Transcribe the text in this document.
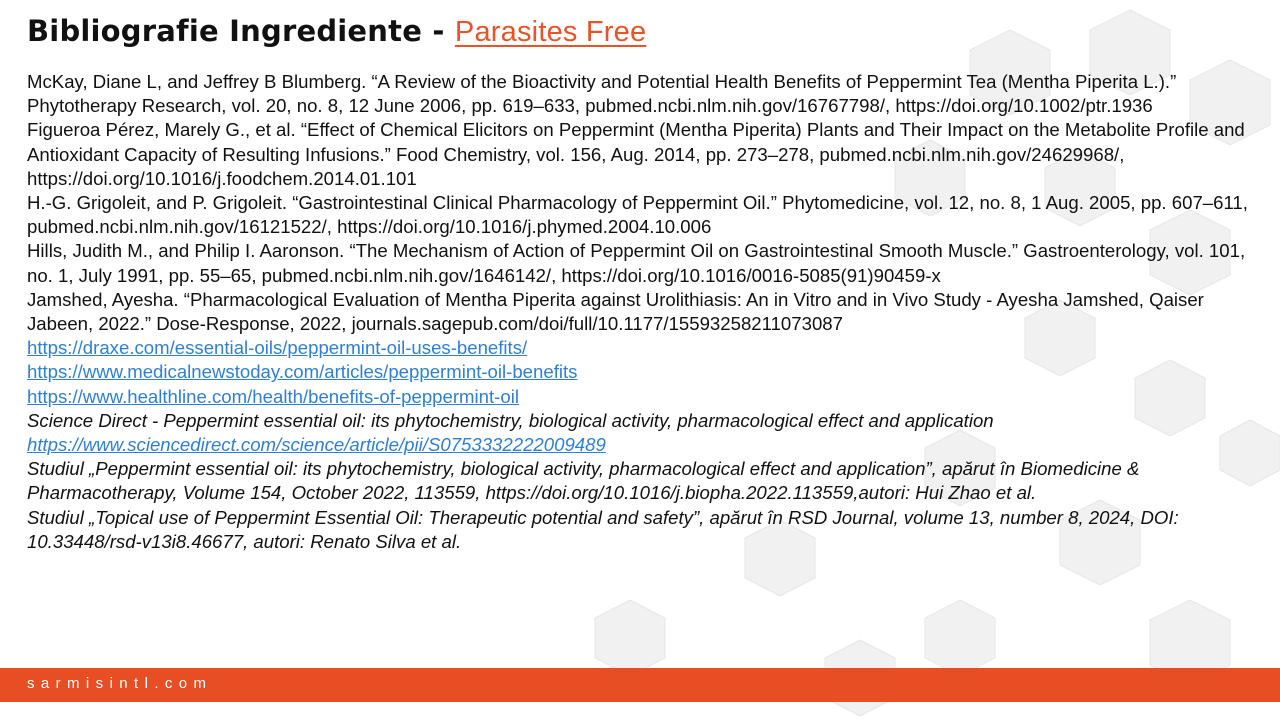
Bibliografie Ingrediente - Parasites Free

McKay, Diane L, and Jeffrey B Blumberg. “A Review of the Bioactivity and Potential Health Benefits of Peppermint Tea (Mentha Piperita L.).” Phytotherapy Research, vol. 20, no. 8, 12 June 2006, pp. 619–633, pubmed.ncbi.nlm.nih.gov/16767798/, https://doi.org/10.1002/ptr.1936

Figueroa Pérez, Marely G., et al. “Effect of Chemical Elicitors on Peppermint (Mentha Piperita) Plants and Their Impact on the Metabolite Profile and Antioxidant Capacity of Resulting Infusions.” Food Chemistry, vol. 156, Aug. 2014, pp. 273–278, pubmed.ncbi.nlm.nih.gov/24629968/, https://doi.org/10.1016/j.foodchem.2014.01.101

H.-G. Grigoleit, and P. Grigoleit. “Gastrointestinal Clinical Pharmacology of Peppermint Oil.” Phytomedicine, vol. 12, no. 8, 1 Aug. 2005, pp. 607–611, pubmed.ncbi.nlm.nih.gov/16121522/, https://doi.org/10.1016/j.phymed.2004.10.006

Hills, Judith M., and Philip I. Aaronson. “The Mechanism of Action of Peppermint Oil on Gastrointestinal Smooth Muscle.” Gastroenterology, vol. 101, no. 1, July 1991, pp. 55–65, pubmed.ncbi.nlm.nih.gov/1646142/, https://doi.org/10.1016/0016-5085(91)90459-x

Jamshed, Ayesha. “Pharmacological Evaluation of Mentha Piperita against Urolithiasis: An in Vitro and in Vivo Study - Ayesha Jamshed, Qaiser Jabeen, 2022.” Dose-Response, 2022, journals.sagepub.com/doi/full/10.1177/15593258211073087

https://draxe.com/essential-oils/peppermint-oil-uses-benefits/

https://www.medicalnewstoday.com/articles/peppermint-oil-benefits

https://www.healthline.com/health/benefits-of-peppermint-oil

Science Direct - Peppermint essential oil: its phytochemistry, biological activity, pharmacological effect and application

https://www.sciencedirect.com/science/article/pii/S0753332222009489

Studiul „Peppermint essential oil: its phytochemistry, biological activity, pharmacological effect and application”, apărut în Biomedicine & Pharmacotherapy, Volume 154, October 2022, 113559, https://doi.org/10.1016/j.biopha.2022.113559,autori: Hui Zhao et al.

Studiul „Topical use of Peppermint Essential Oil: Therapeutic potential and safety”, apărut în RSD Journal, volume 13, number 8, 2024, DOI: 10.33448/rsd-v13i8.46677, autori: Renato Silva et al.

sarmisintl.com
